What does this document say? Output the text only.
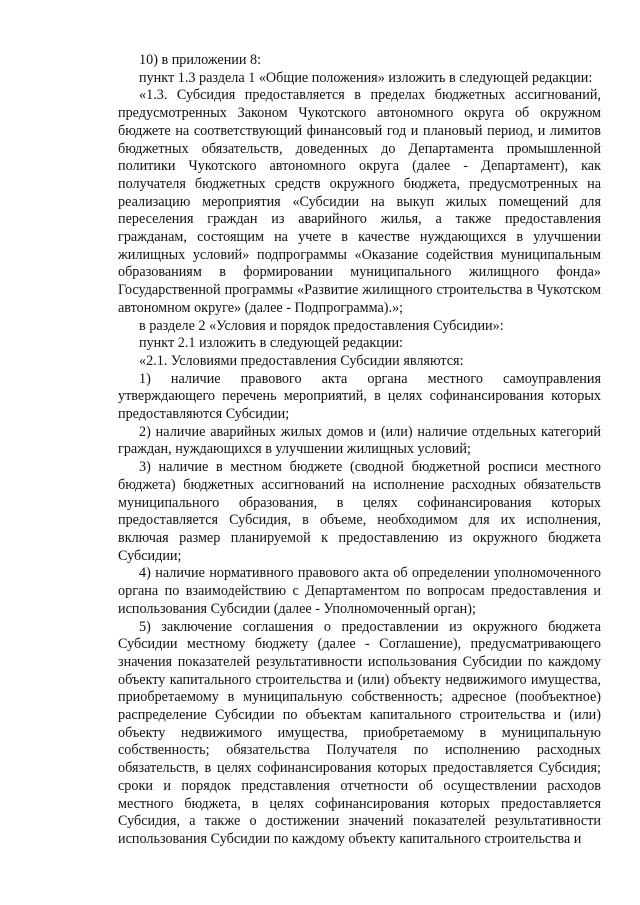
10) в приложении 8:

пункт 1.3 раздела 1 «Общие положения» изложить в следующей редакции:

«1.3. Субсидия предоставляется в пределах бюджетных ассигнований, предусмотренных Законом Чукотского автономного округа об окружном бюджете на соответствующий финансовый год и плановый период, и лимитов бюджетных обязательств, доведенных до Департамента промышленной политики Чукотского автономного округа (далее - Департамент), как получателя бюджетных средств окружного бюджета, предусмотренных на реализацию мероприятия «Субсидии на выкуп жилых помещений для переселения граждан из аварийного жилья, а также предоставления гражданам, состоящим на учете в качестве нуждающихся в улучшении жилищных условий» подпрограммы «Оказание содействия муниципальным образованиям в формировании муниципального жилищного фонда» Государственной программы «Развитие жилищного строительства в Чукотском автономном округе» (далее - Подпрограмма).»;

в разделе 2 «Условия и порядок предоставления Субсидии»:

пункт 2.1 изложить в следующей редакции:

«2.1. Условиями предоставления Субсидии являются:

1) наличие правового акта органа местного самоуправления утверждающего перечень мероприятий, в целях софинансирования которых предоставляются Субсидии;

2) наличие аварийных жилых домов и (или) наличие отдельных категорий граждан, нуждающихся в улучшении жилищных условий;

3) наличие в местном бюджете (сводной бюджетной росписи местного бюджета) бюджетных ассигнований на исполнение расходных обязательств муниципального образования, в целях софинансирования которых предоставляется Субсидия, в объеме, необходимом для их исполнения, включая размер планируемой к предоставлению из окружного бюджета Субсидии;

4) наличие нормативного правового акта об определении уполномоченного органа по взаимодействию с Департаментом по вопросам предоставления и использования Субсидии (далее - Уполномоченный орган);

5) заключение соглашения о предоставлении из окружного бюджета Субсидии местному бюджету (далее - Соглашение), предусматривающего значения показателей результативности использования Субсидии по каждому объекту капитального строительства и (или) объекту недвижимого имущества, приобретаемому в муниципальную собственность; адресное (пообъектное) распределение Субсидии по объектам капитального строительства и (или) объекту недвижимого имущества, приобретаемому в муниципальную собственность; обязательства Получателя по исполнению расходных обязательств, в целях софинансирования которых предоставляется Субсидия; сроки и порядок представления отчетности об осуществлении расходов местного бюджета, в целях софинансирования которых предоставляется Субсидия, а также о достижении значений показателей результативности использования Субсидии по каждому объекту капитального строительства и
